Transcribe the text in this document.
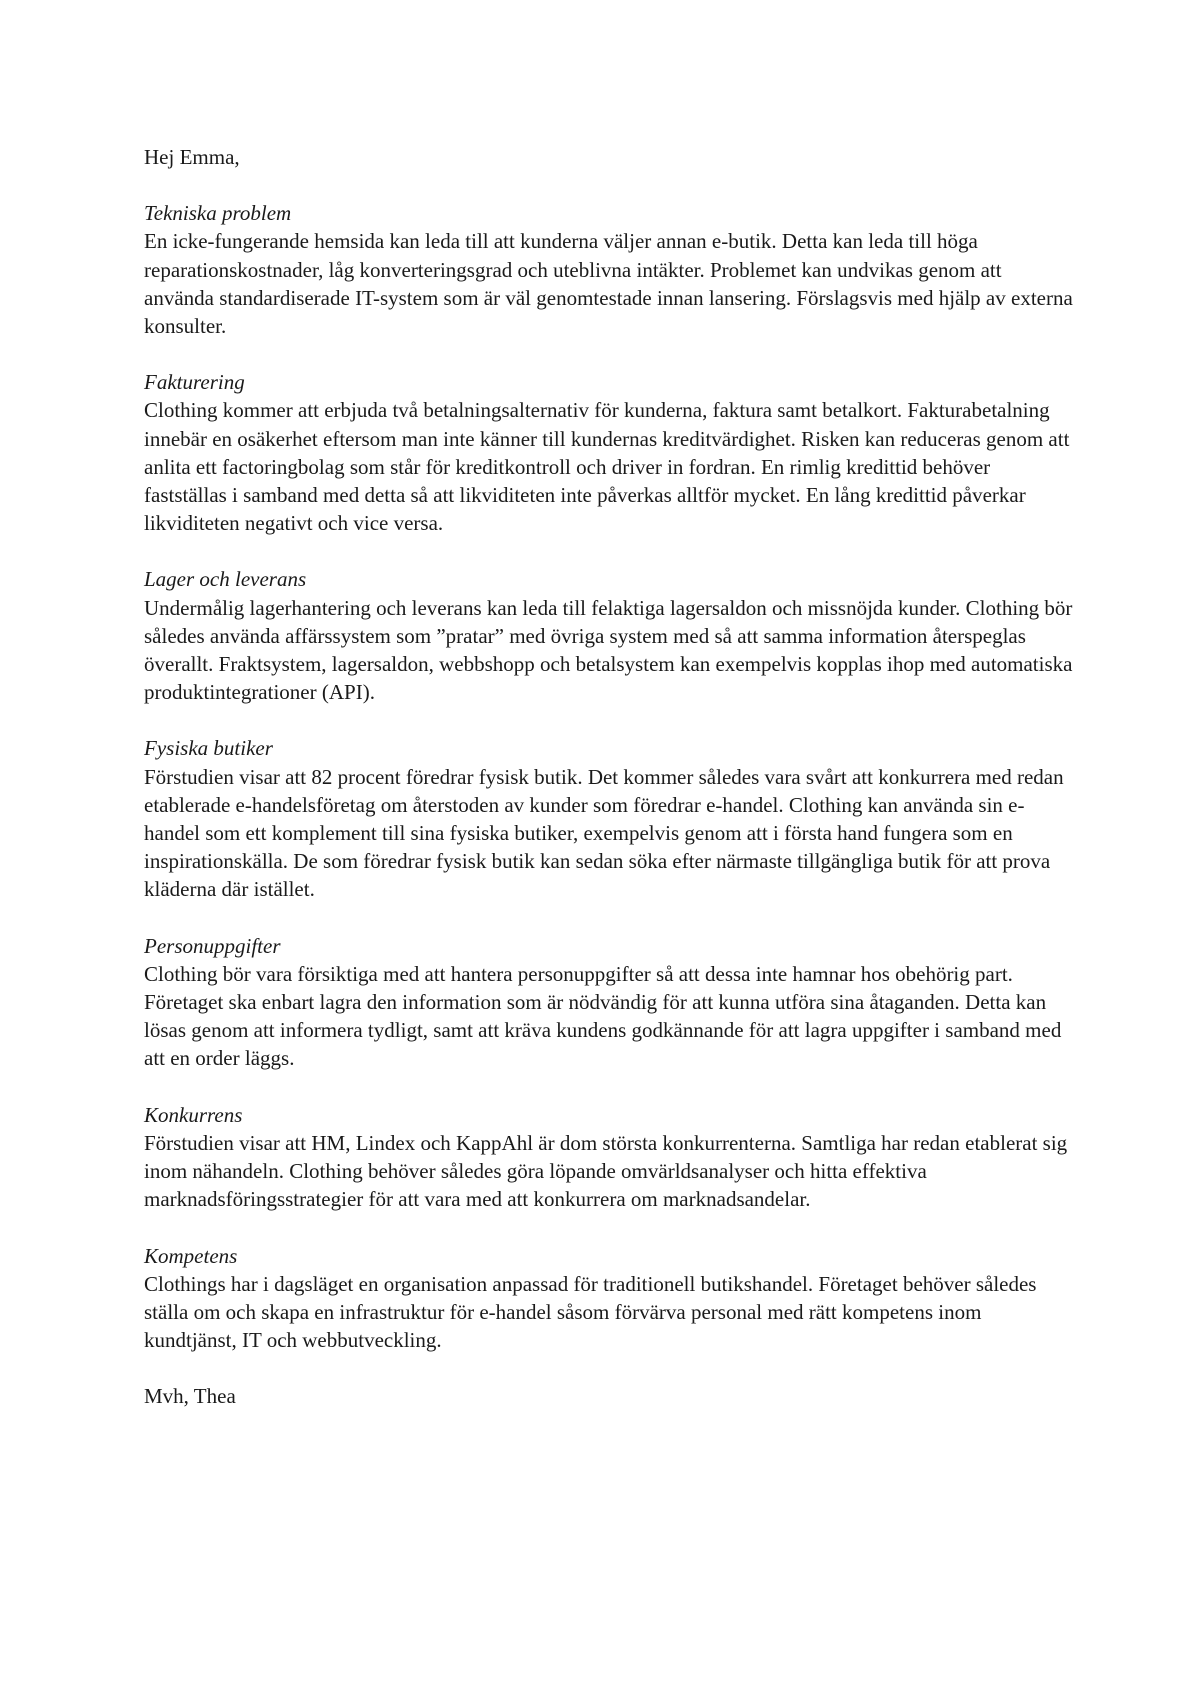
Hej Emma,

Tekniska problem

En icke-fungerande hemsida kan leda till att kunderna väljer annan e-butik. Detta kan leda till höga reparationskostnader, låg konverteringsgrad och uteblivna intäkter. Problemet kan undvikas genom att använda standardiserade IT-system som är väl genomtestade innan lansering. Förslagsvis med hjälp av externa konsulter.

Fakturering

Clothing kommer att erbjuda två betalningsalternativ för kunderna, faktura samt betalkort. Fakturabetalning innebär en osäkerhet eftersom man inte känner till kundernas kreditvärdighet. Risken kan reduceras genom att anlita ett factoringbolag som står för kreditkontroll och driver in fordran. En rimlig kredittid behöver fastställas i samband med detta så att likviditeten inte påverkas alltför mycket. En lång kredittid påverkar likviditeten negativt och vice versa.

Lager och leverans

Undermålig lagerhantering och leverans kan leda till felaktiga lagersaldon och missnöjda kunder. Clothing bör således använda affärssystem som ”pratar” med övriga system med så att samma information återspeglas överallt. Fraktsystem, lagersaldon, webbshopp och betalsystem kan exempelvis kopplas ihop med automatiska produktintegrationer (API).

Fysiska butiker

Förstudien visar att 82 procent föredrar fysisk butik. Det kommer således vara svårt att konkurrera med redan etablerade e-handelsföretag om återstoden av kunder som föredrar e-handel. Clothing kan använda sin e-handel som ett komplement till sina fysiska butiker, exempelvis genom att i första hand fungera som en inspirationskälla. De som föredrar fysisk butik kan sedan söka efter närmaste tillgängliga butik för att prova kläderna där istället.

Personuppgifter

Clothing bör vara försiktiga med att hantera personuppgifter så att dessa inte hamnar hos obehörig part. Företaget ska enbart lagra den information som är nödvändig för att kunna utföra sina åtaganden. Detta kan lösas genom att informera tydligt, samt att kräva kundens godkännande för att lagra uppgifter i samband med att en order läggs.

Konkurrens

Förstudien visar att HM, Lindex och KappAhl är dom största konkurrenterna. Samtliga har redan etablerat sig inom nähandeln. Clothing behöver således göra löpande omvärldsanalyser och hitta effektiva marknadsföringsstrategier för att vara med att konkurrera om marknadsandelar.

Kompetens

Clothings har i dagsläget en organisation anpassad för traditionell butikshandel. Företaget behöver således ställa om och skapa en infrastruktur för e-handel såsom förvärva personal med rätt kompetens inom kundtjänst, IT och webbutveckling.

Mvh, Thea
